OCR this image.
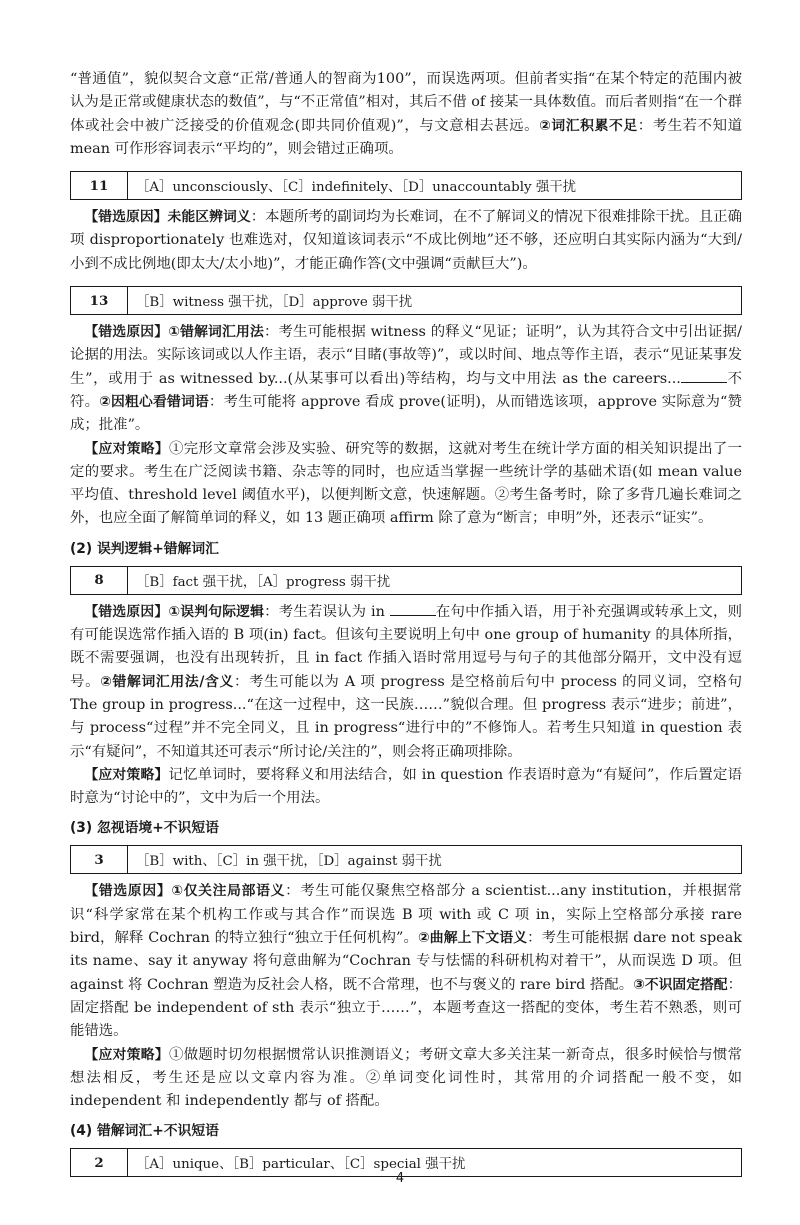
“普通值”，貌似契合文意“正常/普通人的智商为100”，而误选两项。但前者实指“在某个特定的范围内被认为是正常或健康状态的数值”，与“不正常值”相对，其后不借 of 接某一具体数值。而后者则指“在一个群体或社会中被广泛接受的价值观念(即共同价值观)”，与文意相去甚远。②词汇积累不足：考生若不知道 mean 可作形容词表示“平均的”，则会错过正确项。

11	［A］unconsciously、［C］indefinitely、［D］unaccountably 强干扰

【错选原因】未能区辨词义：本题所考的副词均为长难词，在不了解词义的情况下很难排除干扰。且正确项 disproportionately 也难选对，仅知道该词表示“不成比例地”还不够，还应明白其实际内涵为“大到/小到不成比例地(即太大/太小地)”，才能正确作答(文中强调“贡献巨大”)。

13	［B］witness 强干扰，［D］approve 弱干扰

【错选原因】①错解词汇用法：考生可能根据 witness 的释义“见证；证明”，认为其符合文中引出证据/论据的用法。实际该词或以人作主语，表示“目睹(事故等)”，或以时间、地点等作主语，表示“见证某事发生”，或用于 as witnessed by...(从某事可以看出)等结构，均与文中用法 as the careers...	不符。②因粗心看错词语：考生可能将 approve 看成 prove(证明)，从而错选该项，approve 实际意为“赞成；批准”。

【应对策略】①完形文章常会涉及实验、研究等的数据，这就对考生在统计学方面的相关知识提出了一定的要求。考生在广泛阅读书籍、杂志等的同时，也应适当掌握一些统计学的基础术语(如 mean value 平均值、threshold level 阈值水平)，以便判断文意，快速解题。②考生备考时，除了多背几遍长难词之外，也应全面了解简单词的释义，如 13 题正确项 affirm 除了意为“断言；申明”外，还表示“证实”。

(2) 误判逻辑+错解词汇
8	［B］fact 强干扰，［A］progress 弱干扰

【错选原因】①误判句际逻辑：考生若误认为 in	在句中作插入语，用于补充强调或转承上文，则有可能误选常作插入语的 B 项(in) fact。但该句主要说明上句中 one group of humanity 的具体所指，既不需要强调，也没有出现转折，且 in fact 作插入语时常用逗号与句子的其他部分隔开，文中没有逗号。②错解词汇用法/含义：考生可能以为 A 项 progress 是空格前后句中 process 的同义词，空格句 The group in progress...“在这一过程中，这一民族……”貌似合理。但 progress 表示“进步；前进”，与 process“过程”并不完全同义，且 in progress“进行中的”不修饰人。若考生只知道 in question 表示“有疑问”，不知道其还可表示“所讨论/关注的”，则会将正确项排除。

【应对策略】记忆单词时，要将释义和用法结合，如 in question 作表语时意为“有疑问”，作后置定语时意为“讨论中的”，文中为后一个用法。

(3) 忽视语境+不识短语
3	［B］with、［C］in 强干扰，［D］against 弱干扰

【错选原因】①仅关注局部语义：考生可能仅聚焦空格部分 a scientist...any institution，并根据常识“科学家常在某个机构工作或与其合作”而误选 B 项 with 或 C 项 in，实际上空格部分承接 rare bird，解释 Cochran 的特立独行“独立于任何机构”。②曲解上下文语义：考生可能根据 dare not speak its name、say it anyway 将句意曲解为“Cochran 专与怯懦的科研机构对着干”，从而误选 D 项。但 against 将 Cochran 塑造为反社会人格，既不合常理，也不与褒义的 rare bird 搭配。③不识固定搭配：固定搭配 be independent of sth 表示“独立于……”，本题考查这一搭配的变体，考生若不熟悉，则可能错选。

【应对策略】①做题时切勿根据惯常认识推测语义；考研文章大多关注某一新奇点，很多时候恰与惯常想法相反，考生还是应以文章内容为准。②单词变化词性时，其常用的介词搭配一般不变，如 independent 和 independently 都与 of 搭配。

(4) 错解词汇+不识短语
2	［A］unique、［B］particular、［C］special 强干扰
4
